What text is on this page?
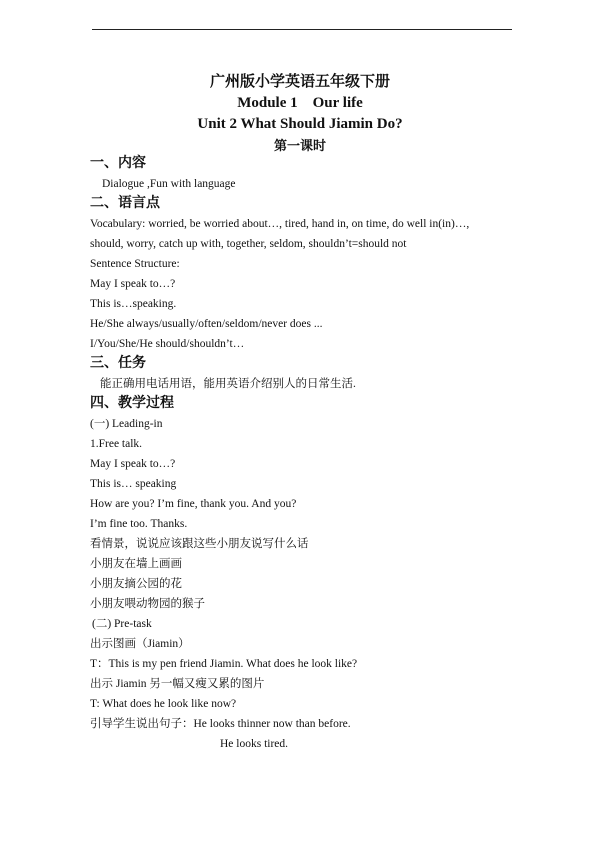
广州版小学英语五年级下册
Module 1    Our life
Unit 2 What Should Jiamin Do?
第一课时
一、内容
Dialogue ,Fun with language
二、语言点
Vocabulary: worried, be worried about…, tired, hand in, on time, do well in(in)…,
should, worry, catch up with, together, seldom, shouldn’t=should not
Sentence Structure:
May I speak to…?
This is…speaking.
He/She always/usually/often/seldom/never does ...
I/You/She/He should/shouldn’t…
三、任务
能正确用电话用语，能用英语介绍别人的日常生活.
四、教学过程
(一) Leading-in
1.Free talk.
May I speak to…?
This is… speaking
How are you? I’m fine, thank you. And you?
I’m fine too. Thanks.
看情景，说说应该跟这些小朋友说写什么话
小朋友在墙上画画
小朋友摘公园的花
小朋友喂动物园的猴子
(二) Pre-task
出示图画（Jiamin）
T：This is my pen friend Jiamin. What does he look like?
出示 Jiamin 另一幅又瘦又累的图片
T: What does he look like now?
引导学生说出句子：He looks thinner now than before.
He looks tired.
